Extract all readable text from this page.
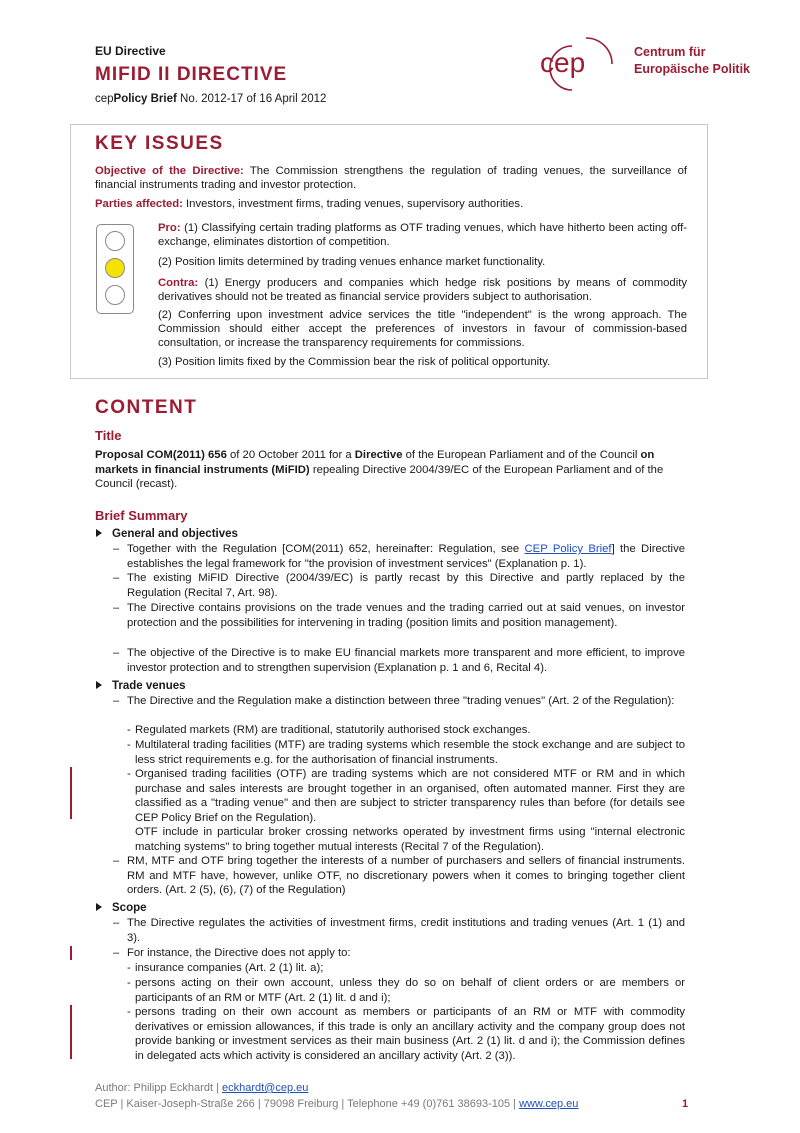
EU Directive
MIFID II DIRECTIVE
cepPolicy Brief No. 2012-17 of 16 April 2012
cep	Centrum für
Europäische Politik
KEY ISSUES
Objective of the Directive: The Commission strengthens the regulation of trading venues, the surveillance of financial instruments trading and investor protection.
Parties affected: Investors, investment firms, trading venues, supervisory authorities.
Pro: (1) Classifying certain trading platforms as OTF trading venues, which have hitherto been acting off-exchange, eliminates distortion of competition.
(2) Position limits determined by trading venues enhance market functionality.
Contra: (1) Energy producers and companies which hedge risk positions by means of commodity derivatives should not be treated as financial service providers subject to authorisation.
(2) Conferring upon investment advice services the title "independent" is the wrong approach. The Commission should either accept the preferences of investors in favour of commission-based consultation, or increase the transparency requirements for commissions.
(3) Position limits fixed by the Commission bear the risk of political opportunity.
CONTENT
Title
Proposal COM(2011) 656 of 20 October 2011 for a Directive of the European Parliament and of the Council on markets in financial instruments (MiFID) repealing Directive 2004/39/EC of the European Parliament and of the Council (recast).
Brief Summary
General and objectives
– Together with the Regulation [COM(2011) 652, hereinafter: Regulation, see CEP Policy Brief] the Directive establishes the legal framework for "the provision of investment services" (Explanation p. 1).
– The existing MiFID Directive (2004/39/EC) is partly recast by this Directive and partly replaced by the Regulation (Recital 7, Art. 98).
– The Directive contains provisions on the trade venues and the trading carried out at said venues, on investor protection and the possibilities for intervening in trading (position limits and position management).
– The objective of the Directive is to make EU financial markets more transparent and more efficient, to improve investor protection and to strengthen supervision (Explanation p. 1 and 6, Recital 4).
Trade venues
– The Directive and the Regulation make a distinction between three "trading venues" (Art. 2 of the Regulation):
- Regulated markets (RM) are traditional, statutorily authorised stock exchanges.
- Multilateral trading facilities (MTF) are trading systems which resemble the stock exchange and are subject to less strict requirements e.g. for the authorisation of financial instruments.
- Organised trading facilities (OTF) are trading systems which are not considered MTF or RM and in which purchase and sales interests are brought together in an organised, often automated manner. First they are classified as a "trading venue" and then are subject to stricter transparency rules than before (for details see CEP Policy Brief on the Regulation).
OTF include in particular broker crossing networks operated by investment firms using "internal electronic matching systems" to bring together mutual interests (Recital 7 of the Regulation).
– RM, MTF and OTF bring together the interests of a number of purchasers and sellers of financial instruments. RM and MTF have, however, unlike OTF, no discretionary powers when it comes to bringing together client orders. (Art. 2 (5), (6), (7) of the Regulation)
Scope
– The Directive regulates the activities of investment firms, credit institutions and trading venues (Art. 1 (1) and 3).
– For instance, the Directive does not apply to:
- insurance companies (Art. 2 (1) lit. a);
- persons acting on their own account, unless they do so on behalf of client orders or are members or participants of an RM or MTF (Art. 2 (1) lit. d and i);
- persons trading on their own account as members or participants of an RM or MTF with commodity derivatives or emission allowances, if this trade is only an ancillary activity and the company group does not provide banking or investment services as their main business (Art. 2 (1) lit. d and i); the Commission defines in delegated acts which activity is considered an ancillary activity (Art. 2 (3)).
Author: Philipp Eckhardt | eckhardt@cep.eu
CEP | Kaiser-Joseph-Straße 266 | 79098 Freiburg | Telephone +49 (0)761 38693-105 | www.cep.eu	1
